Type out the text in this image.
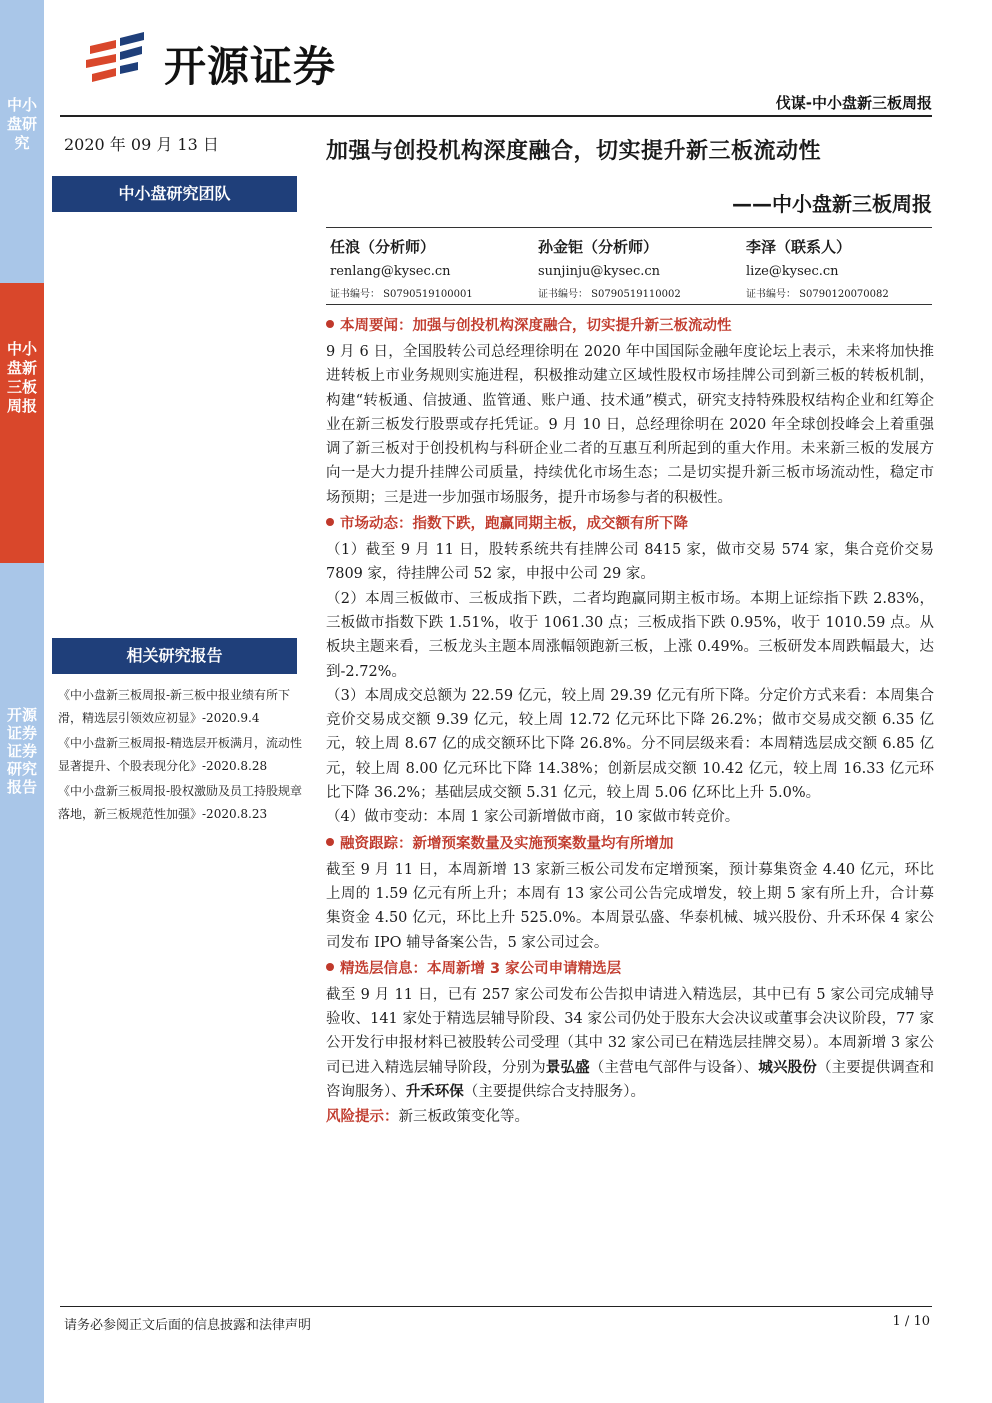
中小盘研究
中小盘新三板周报
开源证券 证券研究报告
开源证券
伐谋-中小盘新三板周报
2020 年 09 月 13 日
中小盘研究团队
相关研究报告
《中小盘新三板周报-新三板中报业绩有所下滑，精选层引领效应初显》-2020.9.4
《中小盘新三板周报-精选层开板满月，流动性显著提升、个股表现分化》-2020.8.28
《中小盘新三板周报-股权激励及员工持股规章落地，新三板规范性加强》-2020.8.23
加强与创投机构深度融合，切实提升新三板流动性
——中小盘新三板周报
任浪（分析师）
renlang@kysec.cn
证书编号： S0790519100001
孙金钜（分析师）
sunjinju@kysec.cn
证书编号： S0790519110002
李泽（联系人）
lize@kysec.cn
证书编号： S0790120070082
本周要闻：加强与创投机构深度融合，切实提升新三板流动性

9 月 6 日，全国股转公司总经理徐明在 2020 年中国国际金融年度论坛上表示，未来将加快推进转板上市业务规则实施进程，积极推动建立区域性股权市场挂牌公司到新三板的转板机制，构建“转板通、信披通、监管通、账户通、技术通”模式，研究支持特殊股权结构企业和红筹企业在新三板发行股票或存托凭证。9 月 10 日，总经理徐明在 2020 年全球创投峰会上着重强调了新三板对于创投机构与科研企业二者的互惠互利所起到的重大作用。未来新三板的发展方向一是大力提升挂牌公司质量，持续优化市场生态；二是切实提升新三板市场流动性，稳定市场预期；三是进一步加强市场服务，提升市场参与者的积极性。

市场动态：指数下跌，跑赢同期主板，成交额有所下降

（1）截至 9 月 11 日，股转系统共有挂牌公司 8415 家，做市交易 574 家，集合竞价交易 7809 家，待挂牌公司 52 家，申报中公司 29 家。

（2）本周三板做市、三板成指下跌，二者均跑赢同期主板市场。本期上证综指下跌 2.83%，三板做市指数下跌 1.51%，收于 1061.30 点；三板成指下跌 0.95%，收于 1010.59 点。从板块主题来看，三板龙头主题本周涨幅领跑新三板，上涨 0.49%。三板研发本周跌幅最大，达到-2.72%。

（3）本周成交总额为 22.59 亿元，较上周 29.39 亿元有所下降。分定价方式来看：本周集合竞价交易成交额 9.39 亿元，较上周 12.72 亿元环比下降 26.2%；做市交易成交额 6.35 亿元，较上周 8.67 亿的成交额环比下降 26.8%。分不同层级来看：本周精选层成交额 6.85 亿元，较上周 8.00 亿元环比下降 14.38%；创新层成交额 10.42 亿元，较上周 16.33 亿元环比下降 36.2%；基础层成交额 5.31 亿元，较上周 5.06 亿环比上升 5.0%。

（4）做市变动：本周 1 家公司新增做市商，10 家做市转竞价。

融资跟踪：新增预案数量及实施预案数量均有所增加

截至 9 月 11 日，本周新增 13 家新三板公司发布定增预案，预计募集资金 4.40 亿元，环比上周的 1.59 亿元有所上升；本周有 13 家公司公告完成增发，较上期 5 家有所上升，合计募集资金 4.50 亿元，环比上升 525.0%。本周景弘盛、华泰机械、城兴股份、升禾环保 4 家公司发布 IPO 辅导备案公告，5 家公司过会。

精选层信息：本周新增 3 家公司申请精选层

截至 9 月 11 日，已有 257 家公司发布公告拟申请进入精选层，其中已有 5 家公司完成辅导验收、141 家处于精选层辅导阶段、34 家公司仍处于股东大会决议或董事会决议阶段，77 家公开发行申报材料已被股转公司受理（其中 32 家公司已在精选层挂牌交易）。本周新增 3 家公司已进入精选层辅导阶段，分别为景弘盛（主营电气部件与设备）、城兴股份（主要提供调查和咨询服务）、升禾环保（主要提供综合支持服务）。

风险提示：新三板政策变化等。
请务必参阅正文后面的信息披露和法律声明	1 / 10
